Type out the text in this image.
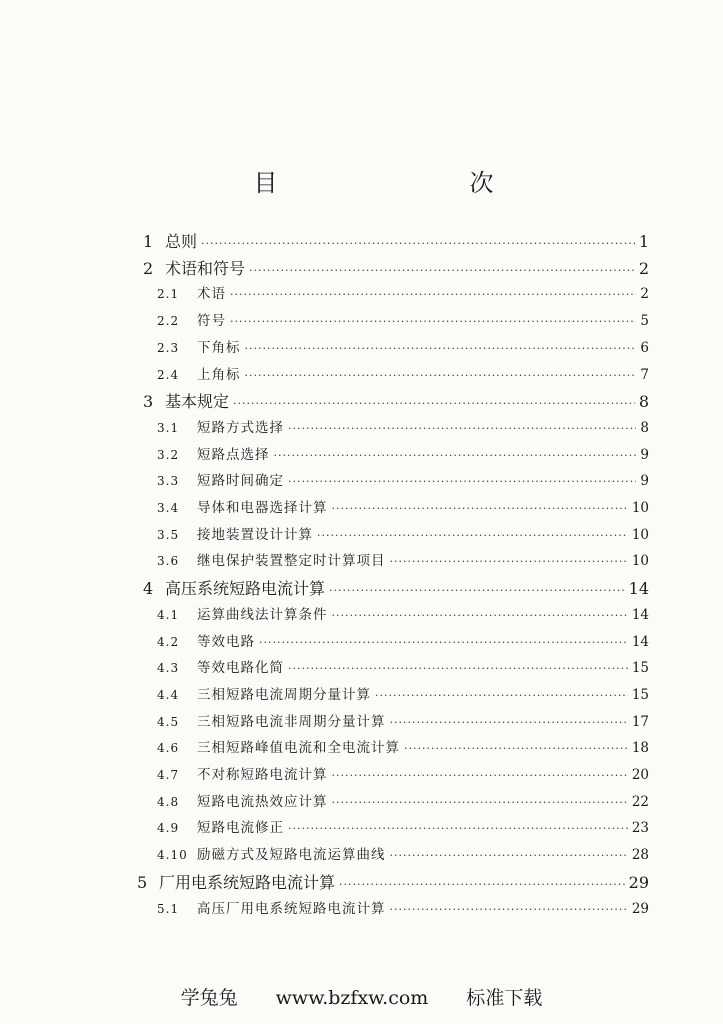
目　　次
1 总则 ·····	1
2 术语和符号 ·····	2
2.1	术语 ·····	2
2.2	符号 ·····	5
2.3	下角标 ·····	6
2.4	上角标 ·····	7
3 基本规定 ·····	8
3.1	短路方式选择 ·····	8
3.2	短路点选择 ·····	9
3.3	短路时间确定 ·····	9
3.4	导体和电器选择计算 ·····	10
3.5	接地装置设计计算 ·····	10
3.6	继电保护装置整定时计算项目 ·····	10
4 高压系统短路电流计算 ·····	14
4.1	运算曲线法计算条件 ·····	14
4.2	等效电路 ·····	14
4.3	等效电路化简 ·····	15
4.4	三相短路电流周期分量计算 ·····	15
4.5	三相短路电流非周期分量计算 ·····	17
4.6	三相短路峰值电流和全电流计算 ·····	18
4.7	不对称短路电流计算 ·····	20
4.8	短路电流热效应计算 ·····	22
4.9	短路电流修正 ·····	23
4.10 励磁方式及短路电流运算曲线 ·····	28
5 厂用电系统短路电流计算 ·····	29
5.1	高压厂用电系统短路电流计算 ·····	29
学兔兔　　www.bzfxw.com　　标准下载
